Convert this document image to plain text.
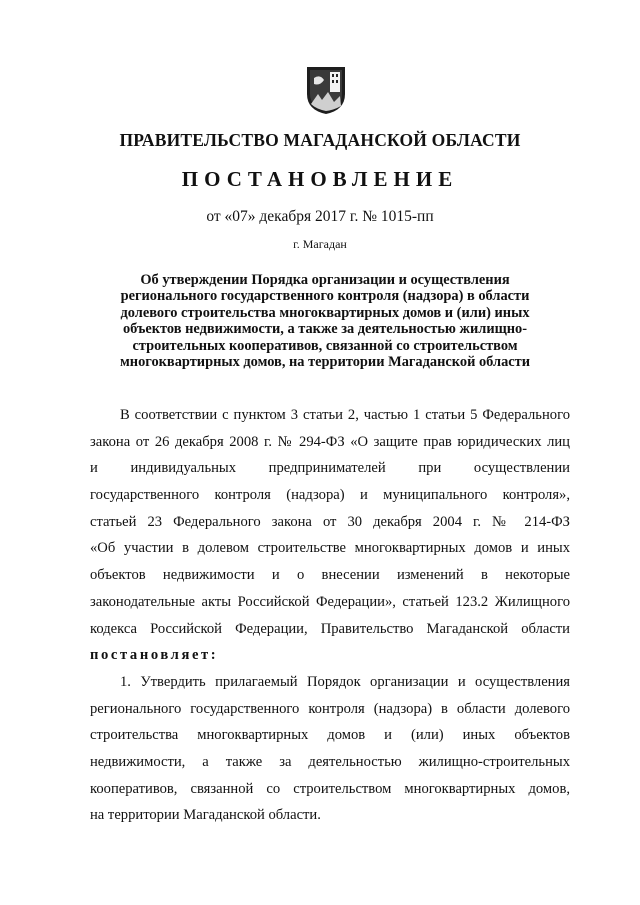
ПРАВИТЕЛЬСТВО МАГАДАНСКОЙ ОБЛАСТИ
ПОСТАНОВЛЕНИЕ
от «07» декабря 2017 г. № 1015-пп
г. Магадан
Об утверждении Порядка организации и осуществления
регионального государственного контроля (надзора) в области
долевого строительства многоквартирных домов и (или) иных
объектов недвижимости, а также за деятельностью жилищно-
строительных кооперативов, связанной со строительством
многоквартирных домов, на территории Магаданской области
В соответствии с пунктом 3 статьи 2, частью 1 статьи 5 Федерального
закона от 26 декабря 2008 г. № 294-ФЗ «О защите прав юридических лиц
и индивидуальных предпринимателей при осуществлении
государственного контроля (надзора) и муниципального контроля»,
статьей 23 Федерального закона от 30 декабря 2004 г. № 214-ФЗ
«Об участии в долевом строительстве многоквартирных домов и иных
объектов недвижимости и о внесении изменений в некоторые
законодательные акты Российской Федерации», статьей 123.2 Жилищного
кодекса Российской Федерации, Правительство Магаданской области
постановляет:
1. Утвердить прилагаемый Порядок организации и осуществления
регионального государственного контроля (надзора) в области долевого
строительства многоквартирных домов и (или) иных объектов
недвижимости, а также за деятельностью жилищно-строительных
кооперативов, связанной со строительством многоквартирных домов,
на территории Магаданской области.
